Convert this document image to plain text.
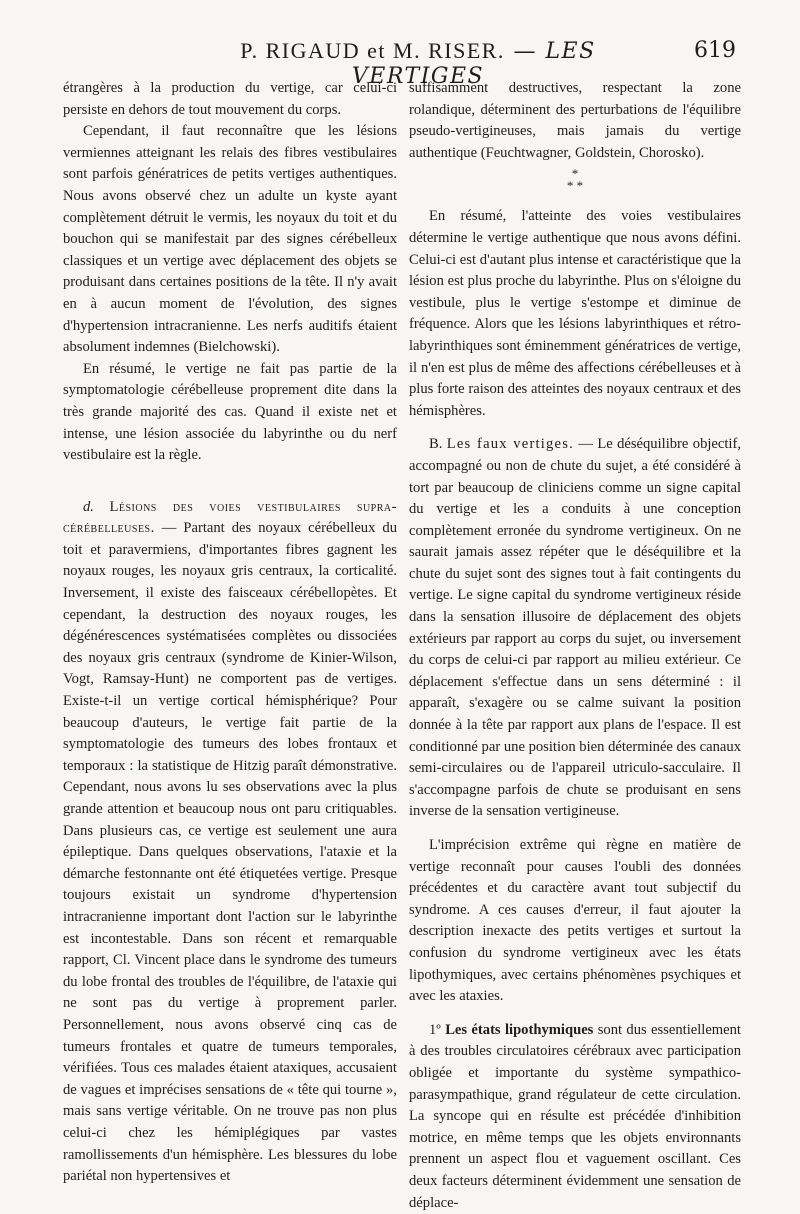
P. RIGAUD et M. RISER. — LES VERTIGES
619

étrangères à la production du vertige, car celui-ci persiste en dehors de tout mouvement du corps.

Cependant, il faut reconnaître que les lésions vermiennes atteignant les relais des fibres vestibulaires sont parfois génératrices de petits vertiges authentiques. Nous avons observé chez un adulte un kyste ayant complètement détruit le vermis, les noyaux du toit et du bouchon qui se manifestait par des signes cérébelleux classiques et un vertige avec déplacement des objets se produisant dans certaines positions de la tête. Il n'y avait en à aucun moment de l'évolution, des signes d'hypertension intracranienne. Les nerfs auditifs étaient absolument indemnes (Bielchowski).

En résumé, le vertige ne fait pas partie de la symptomatologie cérébelleuse proprement dite dans la très grande majorité des cas. Quand il existe net et intense, une lésion associée du labyrinthe ou du nerf vestibulaire est la règle.

d. Lésions des voies vestibulaires supra-cérébelleuses. — Partant des noyaux cérébelleux du toit et paravermiens, d'importantes fibres gagnent les noyaux rouges, les noyaux gris centraux, la corticalité. Inversement, il existe des faisceaux cérébellopètes. Et cependant, la destruction des noyaux rouges, les dégénérescences systématisées complètes ou dissociées des noyaux gris centraux (syndrome de Kinier-Wilson, Vogt, Ramsay-Hunt) ne comportent pas de vertiges. Existe-t-il un vertige cortical hémisphérique? Pour beaucoup d'auteurs, le vertige fait partie de la symptomatologie des tumeurs des lobes frontaux et temporaux : la statistique de Hitzig paraît démonstrative. Cependant, nous avons lu ses observations avec la plus grande attention et beaucoup nous ont paru critiquables. Dans plusieurs cas, ce vertige est seulement une aura épileptique. Dans quelques observations, l'ataxie et la démarche festonnante ont été étiquetées vertige. Presque toujours existait un syndrome d'hypertension intracranienne important dont l'action sur le labyrinthe est incontestable. Dans son récent et remarquable rapport, Cl. Vincent place dans le syndrome des tumeurs du lobe frontal des troubles de l'équilibre, de l'ataxie qui ne sont pas du vertige à proprement parler. Personnellement, nous avons observé cinq cas de tumeurs frontales et quatre de tumeurs temporales, vérifiées. Tous ces malades étaient ataxiques, accusaient de vagues et imprécises sensations de « tête qui tourne », mais sans vertige véritable. On ne trouve pas non plus celui-ci chez les hémiplégiques par vastes ramollissements d'un hémisphère. Les blessures du lobe pariétal non hypertensives et

suffisamment destructives, respectant la zone rolandique, déterminent des perturbations de l'équilibre pseudo-vertigineuses, mais jamais du vertige authentique (Feuchtwagner, Goldstein, Chorosko).

*
* *

En résumé, l'atteinte des voies vestibulaires détermine le vertige authentique que nous avons défini. Celui-ci est d'autant plus intense et caractéristique que la lésion est plus proche du labyrinthe. Plus on s'éloigne du vestibule, plus le vertige s'estompe et diminue de fréquence. Alors que les lésions labyrinthiques et rétro-labyrinthiques sont éminemment génératrices de vertige, il n'en est plus de même des affections cérébelleuses et à plus forte raison des atteintes des noyaux centraux et des hémisphères.

B. Les faux vertiges. — Le déséquilibre objectif, accompagné ou non de chute du sujet, a été considéré à tort par beaucoup de cliniciens comme un signe capital du vertige et les a conduits à une conception complètement erronée du syndrome vertigineux. On ne saurait jamais assez répéter que le déséquilibre et la chute du sujet sont des signes tout à fait contingents du vertige. Le signe capital du syndrome vertigineux réside dans la sensation illusoire de déplacement des objets extérieurs par rapport au corps du sujet, ou inversement du corps de celui-ci par rapport au milieu extérieur. Ce déplacement s'effectue dans un sens déterminé : il apparaît, s'exagère ou se calme suivant la position donnée à la tête par rapport aux plans de l'espace. Il est conditionné par une position bien déterminée des canaux semi-circulaires ou de l'appareil utriculo-sacculaire. Il s'accompagne parfois de chute se produisant en sens inverse de la sensation vertigineuse.

L'imprécision extrême qui règne en matière de vertige reconnaît pour causes l'oubli des données précédentes et du caractère avant tout subjectif du syndrome. A ces causes d'erreur, il faut ajouter la description inexacte des petits vertiges et surtout la confusion du syndrome vertigineux avec les états lipothymiques, avec certains phénomènes psychiques et avec les ataxies.

1º Les états lipothymiques sont dus essentiellement à des troubles circulatoires cérébraux avec participation obligée et importante du système sympathico-parasympathique, grand régulateur de cette circulation. La syncope qui en résulte est précédée d'inhibition motrice, en même temps que les objets environnants prennent un aspect flou et vaguement oscillant. Ces deux facteurs déterminent évidemment une sensation de déplace-
